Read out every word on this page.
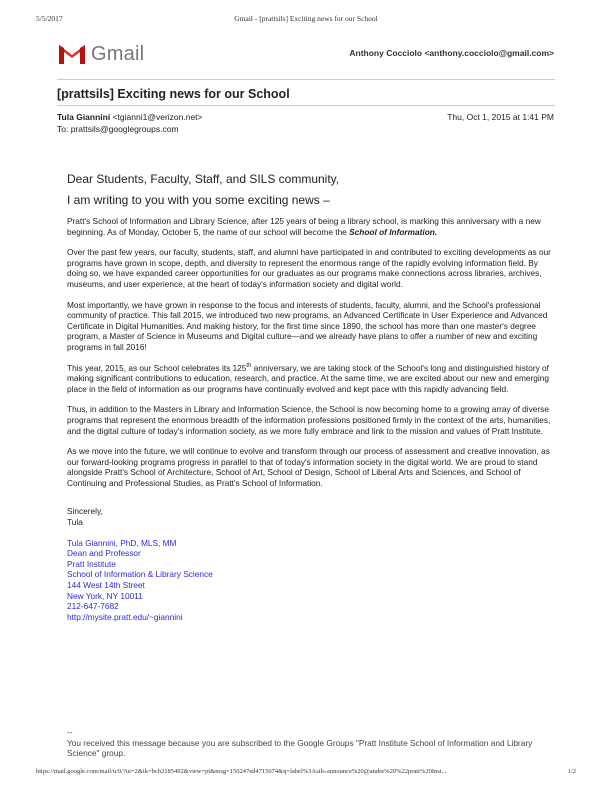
5/5/2017	Gmail - [prattsils] Exciting news for our School
Gmail	Anthony Cocciolo <anthony.cocciolo@gmail.com>
[prattsils] Exciting news for our School
Tula Giannini <tgianni1@verizon.net>	Thu, Oct 1, 2015 at 1:41 PM
To: prattsils@googlegroups.com
Dear Students, Faculty, Staff, and SILS community,
I am writing to you with you some exciting news –

Pratt's School of Information and Library Science, after 125 years of being a library school, is marking this anniversary with a new beginning. As of Monday, October 5, the name of our school will become the School of Information.

Over the past few years, our faculty, students, staff, and alumni have participated in and contributed to exciting developments as our programs have grown in scope, depth, and diversity to represent the enormous range of the rapidly evolving information field. By doing so, we have expanded career opportunities for our graduates as our programs make connections across libraries, archives, museums, and user experience, at the heart of today's information society and digital world.

Most importantly, we have grown in response to the focus and interests of students, faculty, alumni, and the School's professional community of practice. This fall 2015, we introduced two new programs, an Advanced Certificate in User Experience and Advanced Certificate in Digital Humanities. And making history, for the first time since 1890, the school has more than one master's degree program, a Master of Science in Museums and Digital culture—and we already have plans to offer a number of new and exciting programs in fall 2016!

This year, 2015, as our School celebrates its 125th anniversary, we are taking stock of the School's long and distinguished history of making significant contributions to education, research, and practice. At the same time, we are excited about our new and emerging place in the field of information as our programs have continually evolved and kept pace with this rapidly advancing field.

Thus, in addition to the Masters in Library and Information Science, the School is now becoming home to a growing array of diverse programs that represent the enormous breadth of the information professions positioned firmly in the context of the arts, humanities, and the digital culture of today's information society, as we more fully embrace and link to the mission and values of Pratt Institute.

As we move into the future, we will continue to evolve and transform through our process of assessment and creative innovation, as our forward-looking programs progress in parallel to that of today's information society in the digital world. We are proud to stand alongside Pratt's School of Architecture, School of Art, School of Design, School of Liberal Arts and Sciences, and School of Continuing and Professional Studies, as Pratt's School of Information.

Sincerely,
Tula
Tula Giannini, PhD, MLS, MM
Dean and Professor
Pratt Institute
School of Information & Library Science
144 West 14th Street
New York, NY 10011
212-647-7682
http://mysite.pratt.edu/~giannini
--
You received this message because you are subscribed to the Google Groups "Pratt Institute School of Information and Library Science" group.
https://mail.google.com/mail/u/0/?ui=2&ik=bcb2185492&view=pt&msg=150247ed4715074&q=label%3Asils-announce%20@andre%20%22pratt%20Inst...	1/2
